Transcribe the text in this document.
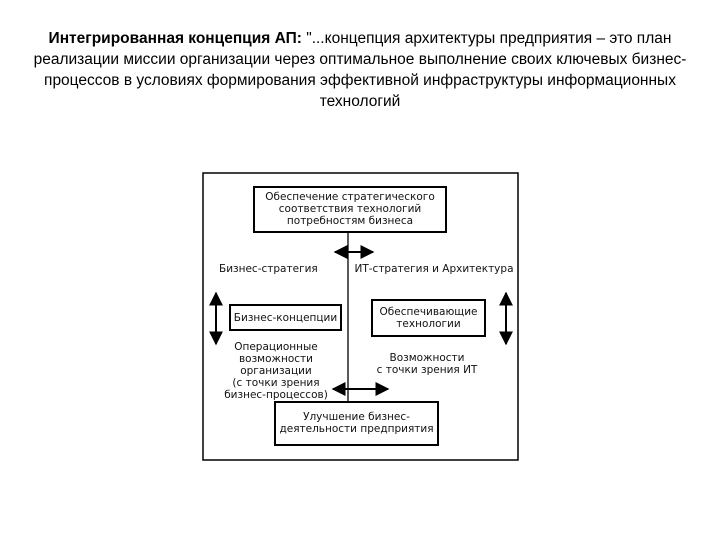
Интегрированная концепция АП: "...концепция архитектуры предприятия – это план реализации миссии организации через оптимальное выполнение своих ключевых бизнес-процессов в условиях формирования эффективной инфраструктуры информационных технологий
Обеспечение стратегического
соответствия технологий
потребностям бизнеса
Бизнес-стратегия	ИТ-стратегия и Архитектура
Бизнес-концепции	Обеспечивающие
технологии
Операционные
возможности организации
(с точки зрения
бизнес-процессов)
Возможности
с точки зрения ИТ
Улучшение бизнес-
деятельности предприятия
